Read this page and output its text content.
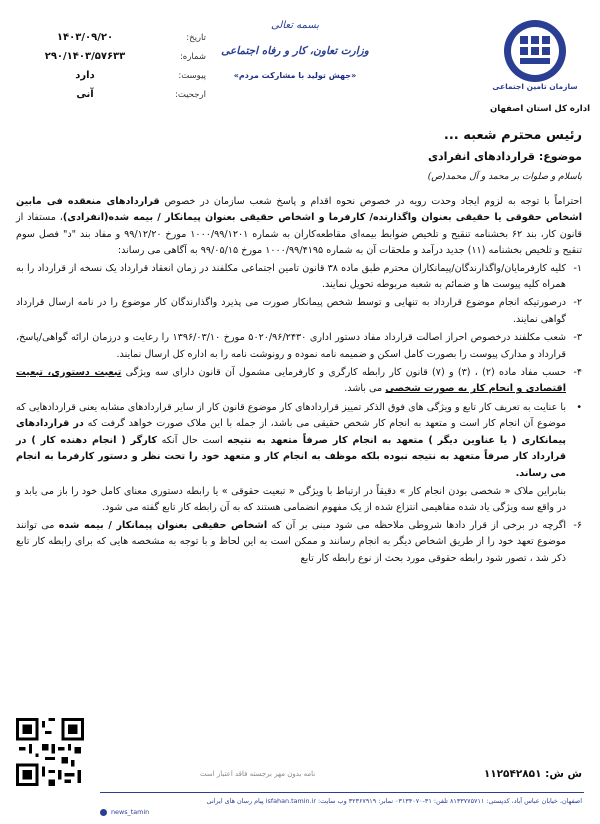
تاریخ:
۱۴۰۳/۰۹/۲۰
شماره:
۲۹۰/۱۴۰۳/۵۷۶۳۳
پیوست:
دارد
ارجحیت:
آنی
بسمه تعالی
وزارت تعاون، کار و رفاه اجتماعی
«جهش تولید با مشارکت مردم»
سازمان تامین اجتماعی
اداره کل استان اصفهان
رئیس محترم شعبه ...
موضوع: قراردادهای انفرادی
باسلام و صلوات بر محمد و آل محمد(ص)

احتراماً با توجه به لزوم ایجاد وحدت رویه در خصوص نحوه اقدام و پاسخ شعب سازمان در خصوص قراردادهای منعقده فی مابین اشخاص حقوقی یا حقیقی بعنوان واگذارنده/ کارفرما و اشخاص حقیقی بعنوان پیمانکار / بیمه شده(انفرادی)، مستفاد از قانون کار، بند ۶۲ بخشنامه تنقیح و تلخیص ضوابط بیمه‌ای مقاطعه‌کاران به شماره ۱۰۰۰/۹۹/۱۲۰۱ مورخ ۹۹/۱۲/۲۰ و مفاد بند "د" فصل سوم تنقیح و تلخیص بخشنامه (۱۱) جدید درآمد و ملحقات آن به شماره ۱۰۰۰/۹۹/۴۱۹۵ مورخ ۹۹/۰۵/۱۵ به آگاهی می رساند:

۱-
کلیه کارفرمایان/واگذارندگان/پیمانکاران محترم طبق ماده ۳۸ قانون تامین اجتماعی مکلفند در زمان انعقاد قرارداد یک نسخه از قرارداد را به همراه کلیه پیوست ها و ضمائم به شعبه مربوطه تحویل نمایند.
۲-
درصورتیکه انجام موضوع قرارداد به تنهایی و توسط شخص پیمانکار صورت می پذیرد واگذارندگان کار موضوع را در نامه ارسال قرارداد گواهی نمایند.
۳-
شعب مکلفند درخصوص احراز اصالت قرارداد مفاد دستور اداری ۵۰۲۰/۹۶/۲۴۳۰ مورخ ۱۳۹۶/۰۳/۱۰ را رعایت و درزمان ارائه گواهی/پاسخ، قرارداد و مدارک پیوست را بصورت کامل اسکن و ضمیمه نامه نموده و رونوشت نامه را به اداره کل ارسال نمایند.
۴-
حسب مفاد ماده (۲) ، (۳) و (۷) قانون کار رابطه کارگری و کارفرمایی مشمول آن قانون دارای سه ویژگی تبعیت دستوری، تبعیت اقتصادی و انجام کار به صورت شخصی می باشد.
•
با عنایت به تعریف کار تابع و ویژگی های فوق الذکر تمییز قراردادهای کار موضوع قانون کار از سایر قراردادهای مشابه یعنی قراردادهایی که موضوع آن انجام کار است و متعهد به انجام کار شخص حقیقی می باشد، از جمله با این ملاک صورت خواهد گرفت که در قراردادهای پیمانکاری ( یا عناوین دیگر ) متعهد به انجام کار صرفاً متعهد به نتیجه است حال آنکه کارگر ( انجام دهنده کار ) در قرارداد کار صرفاً متعهد به نتیجه نبوده بلکه موظف به انجام کار و متعهد خود را تحت نظر و دستور کارفرما به انجام می رساند.

بنابراین ملاک « شخصی بودن انجام کار » دقیقاً در ارتباط با ویژگی « تبعیت حقوقی » یا رابطه دستوری معنای کامل خود را باز می یابد و در واقع سه ویژگی یاد شده مفاهیمی انتزاع شده از یک مفهوم انضمامی هستند که به آن رابطه کار تابع گفته می شود.

۶-
اگرچه در برخی از قرار دادها شروطی ملاحظه می شود مبنی بر آن که اشخاص حقیقی بعنوان پیمانکار / بیمه شده می توانند موضوع تعهد خود را از طریق اشخاص دیگر به انجام رسانند و ممکن است به این لحاظ و با توجه به مشخصه هایی که برای رابطه کار تابع ذکر شد ، تصور شود رابطه حقوقی مورد بحث از نوع رابطه کار تابع
ش ش: ۱۱۲۵۴۲۸۵۱
نامه بدون مهر برجسته فاقد اعتبار است
اصفهان، خیابان عباس آباد، کدپستی: ۸۱۳۳۷۷۵۷۱۱ تلفن: ۳۱-۰۳۱۳۴۰۷۰ نمابر: ۳۲۳۶۷۹۱۹ وب سایت: isfahan.tamin.ir پیام رسان های ایرانی
news_tamin
